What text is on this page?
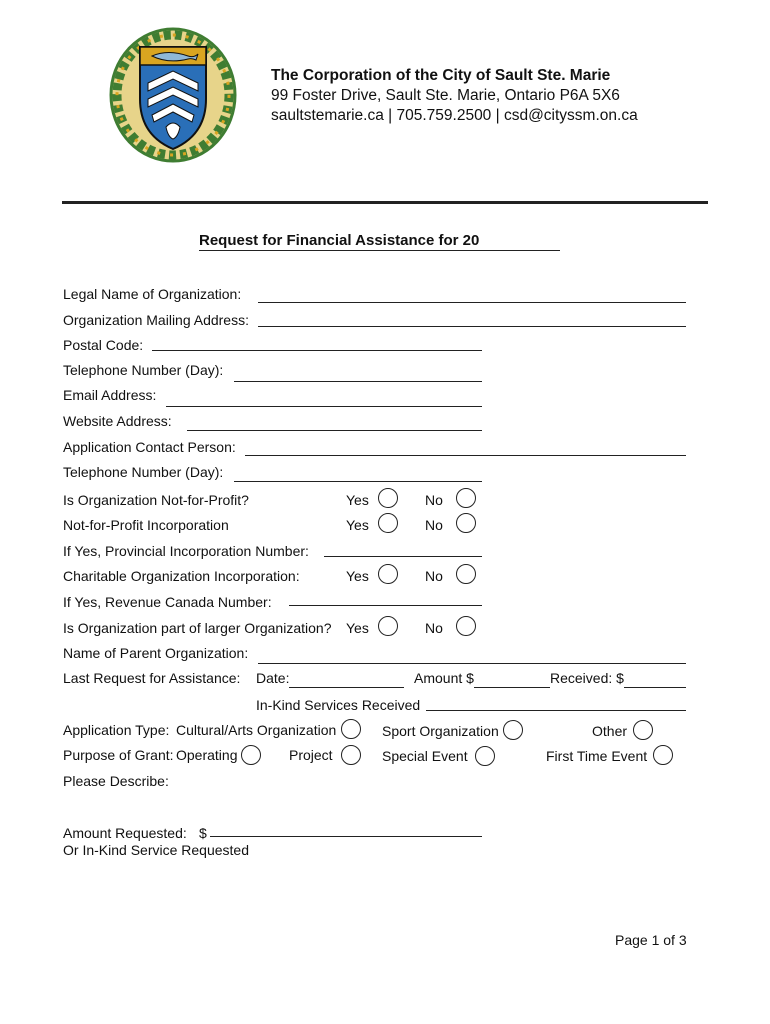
The Corporation of the City of Sault Ste. Marie
99 Foster Drive, Sault Ste. Marie, Ontario P6A 5X6
saultstemarie.ca | 705.759.2500 | csd@cityssm.on.ca
Request for Financial Assistance for 20
Legal Name of Organization:
Organization Mailing Address:
Postal Code:
Telephone Number (Day):
Email Address:
Website Address:
Application Contact Person:
Telephone Number (Day):
Is Organization Not-for-Profit?	Yes	No
Not-for-Profit Incorporation	Yes	No
If Yes, Provincial Incorporation Number:
Charitable Organization Incorporation:	Yes	No
If Yes, Revenue Canada Number:
Is Organization part of larger Organization? Yes	No
Name of Parent Organization:
Last Request for Assistance: Date:	Amount $	Received: $
In-Kind Services Received
Application Type: Cultural/Arts Organization	Sport Organization	Other
Purpose of Grant: Operating	Project	Special Event	First Time Event
Please Describe:
Amount Requested: $
Or In-Kind Service Requested
Page 1 of 3
